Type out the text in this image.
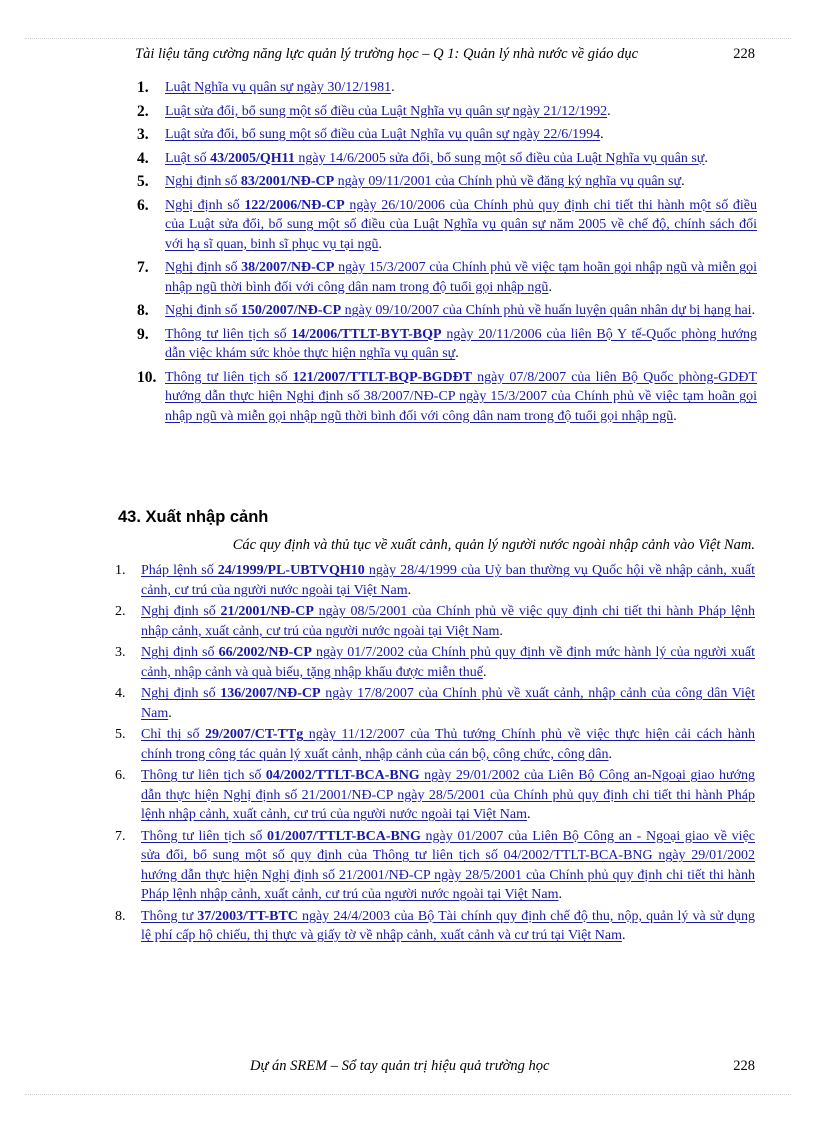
Tài liệu tăng cường năng lực quản lý trường học – Q 1: Quản lý nhà nước về giáo dục	228
1.	Luật Nghĩa vụ quân sự ngày 30/12/1981.
2.	Luật sửa đổi, bổ sung một số điều của Luật Nghĩa vụ quân sự ngày 21/12/1992.
3.	Luật sửa đổi, bổ sung một số điều của Luật Nghĩa vụ quân sự ngày 22/6/1994.
4.	Luật số 43/2005/QH11 ngày 14/6/2005 sửa đổi, bổ sung một số điều của Luật Nghĩa vụ quân sự.
5.	Nghị định số 83/2001/NĐ-CP ngày 09/11/2001 của Chính phủ về đăng ký nghĩa vụ quân sự.
6.	Nghị định số 122/2006/NĐ-CP ngày 26/10/2006 của Chính phủ quy định chi tiết thi hành một số điều của Luật sửa đổi, bổ sung một số điều của Luật Nghĩa vụ quân sự năm 2005 về chế độ, chính sách đối với hạ sĩ quan, binh sĩ phục vụ tại ngũ.
7.	Nghị định số 38/2007/NĐ-CP ngày 15/3/2007 của Chính phủ về việc tạm hoãn gọi nhập ngũ và miễn gọi nhập ngũ thời bình đối với công dân nam trong độ tuổi gọi nhập ngũ.
8.	Nghị định số 150/2007/NĐ-CP ngày 09/10/2007 của Chính phủ về huấn luyện quân nhân dự bị hạng hai.
9.	Thông tư liên tịch số 14/2006/TTLT-BYT-BQP ngày 20/11/2006 của liên Bộ Y tế-Quốc phòng hướng dẫn việc khám sức khỏe thực hiện nghĩa vụ quân sự.
10. Thông tư liên tịch số 121/2007/TTLT-BQP-BGDĐT ngày 07/8/2007 của liên Bộ Quốc phòng-GDĐT hướng dẫn thực hiện Nghị định số 38/2007/NĐ-CP ngày 15/3/2007 của Chính phủ về việc tạm hoãn gọi nhập ngũ và miễn gọi nhập ngũ thời bình đối với công dân nam trong độ tuổi gọi nhập ngũ.
43. Xuất nhập cảnh
Các quy định và thủ tục về xuất cảnh, quản lý người nước ngoài nhập cảnh vào Việt Nam.
1.	Pháp lệnh số 24/1999/PL-UBTVQH10 ngày 28/4/1999 của Uỷ ban thường vụ Quốc hội về nhập cảnh, xuất cảnh, cư trú của người nước ngoài tại Việt Nam.
2.	Nghị định số 21/2001/NĐ-CP ngày 08/5/2001 của Chính phủ về việc quy định chi tiết thi hành Pháp lệnh nhập cảnh, xuất cảnh, cư trú của người nước ngoài tại Việt Nam.
3.	Nghị định số 66/2002/NĐ-CP ngày 01/7/2002 của Chính phủ quy định về định mức hành lý của người xuất cảnh, nhập cảnh và quà biếu, tặng nhập khẩu được miễn thuế.
4.	Nghị định số 136/2007/NĐ-CP ngày 17/8/2007 của Chính phủ về xuất cảnh, nhập cảnh của công dân Việt Nam.
5.	Chỉ thị số 29/2007/CT-TTg ngày 11/12/2007 của Thủ tướng Chính phủ về việc thực hiện cải cách hành chính trong công tác quản lý xuất cảnh, nhập cảnh của cán bộ, công chức, công dân.
6.	Thông tư liên tịch số 04/2002/TTLT-BCA-BNG ngày 29/01/2002 của Liên Bộ Công an-Ngoại giao hướng dẫn thực hiện Nghị định số 21/2001/NĐ-CP ngày 28/5/2001 của Chính phủ quy định chi tiết thi hành Pháp lệnh nhập cảnh, xuất cảnh, cư trú của người nước ngoài tại Việt Nam.
7.	Thông tư liên tịch số 01/2007/TTLT-BCA-BNG ngày 01/2007 của Liên Bộ Công an - Ngoại giao về việc sửa đổi, bổ sung một số quy định của Thông tư liên tịch số 04/2002/TTLT-BCA-BNG ngày 29/01/2002 hướng dẫn thực hiện Nghị định số 21/2001/NĐ-CP ngày 28/5/2001 của Chính phủ quy định chi tiết thi hành Pháp lệnh nhập cảnh, xuất cảnh, cư trú của người nước ngoài tại Việt Nam.
8.	Thông tư 37/2003/TT-BTC ngày 24/4/2003 của Bộ Tài chính quy định chế độ thu, nộp, quản lý và sử dụng lệ phí cấp hộ chiếu, thị thực và giấy tờ về nhập cảnh, xuất cảnh và cư trú tại Việt Nam.
Dự án SREM – Sổ tay quản trị hiệu quả trường học	228
